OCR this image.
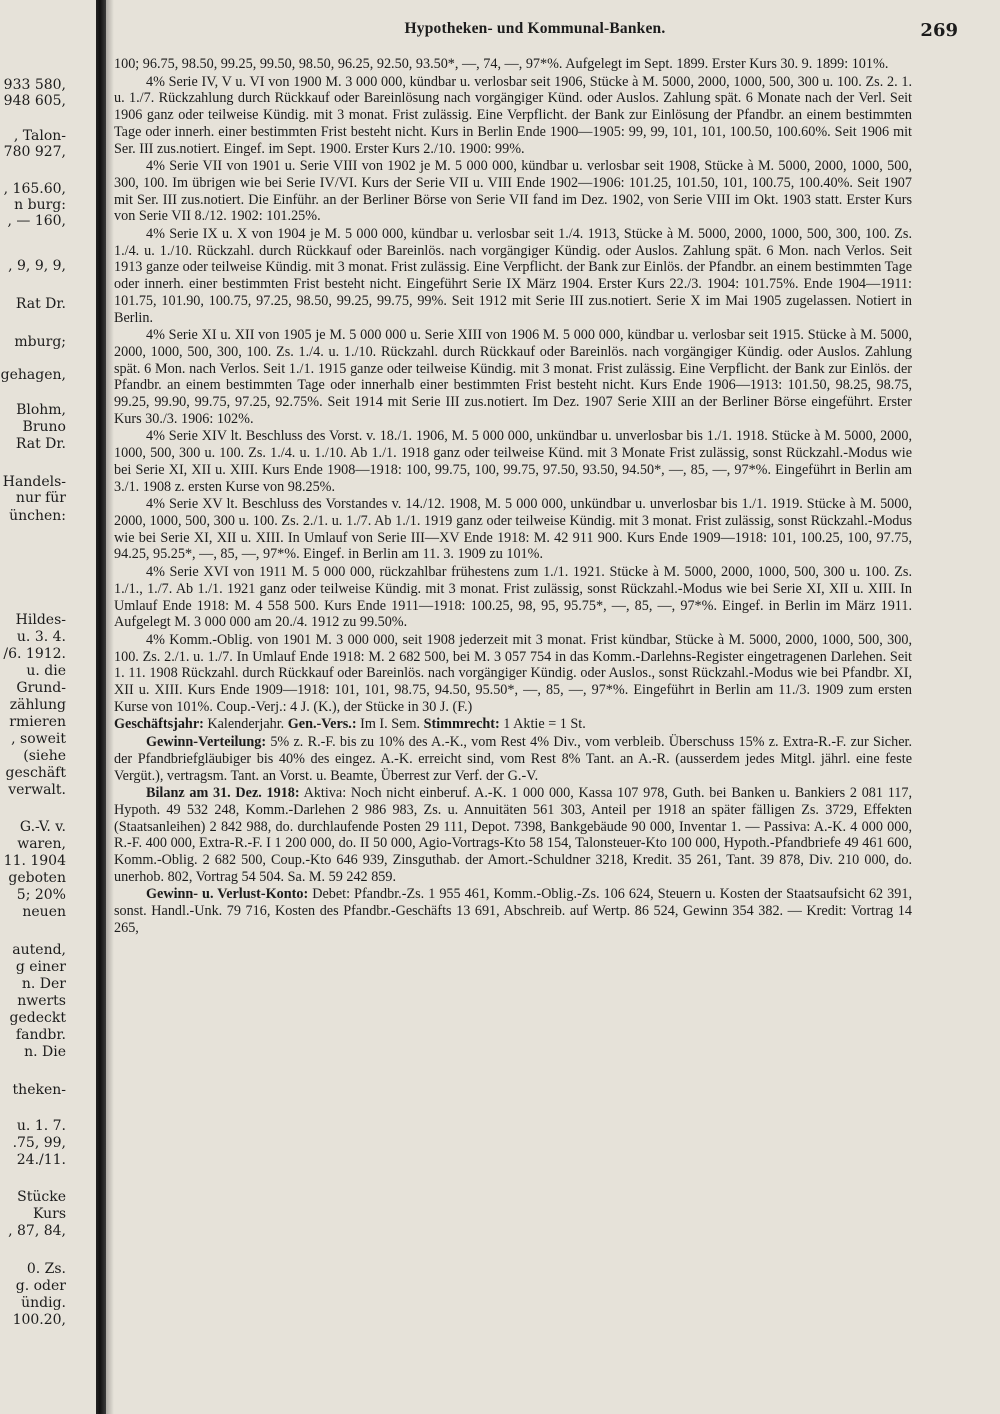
933 580,
948 605,
, Talon-
780 927,
, 165.60,
n burg:
, — 160,
, 9, 9, 9,
Rat Dr.
mburg;
gehagen,
Blohm,
Bruno
Rat Dr.
Handels-
nur für
ünchen:
Hildes-
u. 3. 4.
/6. 1912.
u. die
Grund-
zählung
rmieren
, soweit
(siehe
geschäft
verwalt.
G.-V. v.
waren,
11. 1904
geboten
5; 20%
neuen
autend,
g einer
n. Der
nwerts
gedeckt
fandbr.
n. Die
theken-
u. 1. 7.
.75, 99,
24./11.
Stücke
Kurs
, 87, 84,
0. Zs.
g. oder
ündig.
100.20,
Hypotheken- und Kommunal-Banken.	269

100; 96.75, 98.50, 99.25, 99.50, 98.50, 96.25, 92.50, 93.50*, —, 74, —, 97*%. Aufgelegt im Sept. 1899. Erster Kurs 30. 9. 1899: 101%.

4% Serie IV, V u. VI von 1900 M. 3 000 000, kündbar u. verlosbar seit 1906, Stücke à M. 5000, 2000, 1000, 500, 300 u. 100. Zs. 2. 1. u. 1./7. Rückzahlung durch Rückkauf oder Bareinlösung nach vorgängiger Künd. oder Auslos. Zahlung spät. 6 Monate nach der Verl. Seit 1906 ganz oder teilweise Kündig. mit 3 monat. Frist zulässig. Eine Verpflicht. der Bank zur Einlösung der Pfandbr. an einem bestimmten Tage oder innerh. einer bestimmten Frist besteht nicht. Kurs in Berlin Ende 1900—1905: 99, 99, 101, 101, 100.50, 100.60%. Seit 1906 mit Ser. III zus.notiert. Eingef. im Sept. 1900. Erster Kurs 2./10. 1900: 99%.

4% Serie VII von 1901 u. Serie VIII von 1902 je M. 5 000 000, kündbar u. verlosbar seit 1908, Stücke à M. 5000, 2000, 1000, 500, 300, 100. Im übrigen wie bei Serie IV/VI. Kurs der Serie VII u. VIII Ende 1902—1906: 101.25, 101.50, 101, 100.75, 100.40%. Seit 1907 mit Ser. III zus.notiert. Die Einführ. an der Berliner Börse von Serie VII fand im Dez. 1902, von Serie VIII im Okt. 1903 statt. Erster Kurs von Serie VII 8./12. 1902: 101.25%.

4% Serie IX u. X von 1904 je M. 5 000 000, kündbar u. verlosbar seit 1./4. 1913, Stücke à M. 5000, 2000, 1000, 500, 300, 100. Zs. 1./4. u. 1./10. Rückzahl. durch Rückkauf oder Bareinlös. nach vorgängiger Kündig. oder Auslos. Zahlung spät. 6 Mon. nach Verlos. Seit 1913 ganze oder teilweise Kündig. mit 3 monat. Frist zulässig. Eine Verpflicht. der Bank zur Einlös. der Pfandbr. an einem bestimmten Tage oder innerh. einer bestimmten Frist besteht nicht. Eingeführt Serie IX März 1904. Erster Kurs 22./3. 1904: 101.75%. Ende 1904—1911: 101.75, 101.90, 100.75, 97.25, 98.50, 99.25, 99.75, 99%. Seit 1912 mit Serie III zus.notiert. Serie X im Mai 1905 zugelassen. Notiert in Berlin.

4% Serie XI u. XII von 1905 je M. 5 000 000 u. Serie XIII von 1906 M. 5 000 000, kündbar u. verlosbar seit 1915. Stücke à M. 5000, 2000, 1000, 500, 300, 100. Zs. 1./4. u. 1./10. Rückzahl. durch Rückkauf oder Bareinlös. nach vorgängiger Kündig. oder Auslos. Zahlung spät. 6 Mon. nach Verlos. Seit 1./1. 1915 ganze oder teilweise Kündig. mit 3 monat. Frist zulässig. Eine Verpflicht. der Bank zur Einlös. der Pfandbr. an einem bestimmten Tage oder innerhalb einer bestimmten Frist besteht nicht. Kurs Ende 1906—1913: 101.50, 98.25, 98.75, 99.25, 99.90, 99.75, 97.25, 92.75%. Seit 1914 mit Serie III zus.notiert. Im Dez. 1907 Serie XIII an der Berliner Börse eingeführt. Erster Kurs 30./3. 1906: 102%.

4% Serie XIV lt. Beschluss des Vorst. v. 18./1. 1906, M. 5 000 000, unkündbar u. unverlosbar bis 1./1. 1918. Stücke à M. 5000, 2000, 1000, 500, 300 u. 100. Zs. 1./4. u. 1./10. Ab 1./1. 1918 ganz oder teilweise Künd. mit 3 Monate Frist zulässig, sonst Rückzahl.-Modus wie bei Serie XI, XII u. XIII. Kurs Ende 1908—1918: 100, 99.75, 100, 99.75, 97.50, 93.50, 94.50*, —, 85, —, 97*%. Eingeführt in Berlin am 3./1. 1908 z. ersten Kurse von 98.25%.

4% Serie XV lt. Beschluss des Vorstandes v. 14./12. 1908, M. 5 000 000, unkündbar u. unverlosbar bis 1./1. 1919. Stücke à M. 5000, 2000, 1000, 500, 300 u. 100. Zs. 2./1. u. 1./7. Ab 1./1. 1919 ganz oder teilweise Kündig. mit 3 monat. Frist zulässig, sonst Rückzahl.-Modus wie bei Serie XI, XII u. XIII. In Umlauf von Serie III—XV Ende 1918: M. 42 911 900. Kurs Ende 1909—1918: 101, 100.25, 100, 97.75, 94.25, 95.25*, —, 85, —, 97*%. Eingef. in Berlin am 11. 3. 1909 zu 101%.

4% Serie XVI von 1911 M. 5 000 000, rückzahlbar frühestens zum 1./1. 1921. Stücke à M. 5000, 2000, 1000, 500, 300 u. 100. Zs. 1./1., 1./7. Ab 1./1. 1921 ganz oder teilweise Kündig. mit 3 monat. Frist zulässig, sonst Rückzahl.-Modus wie bei Serie XI, XII u. XIII. In Umlauf Ende 1918: M. 4 558 500. Kurs Ende 1911—1918: 100.25, 98, 95, 95.75*, —, 85, —, 97*%. Eingef. in Berlin im März 1911. Aufgelegt M. 3 000 000 am 20./4. 1912 zu 99.50%.

4% Komm.-Oblig. von 1901 M. 3 000 000, seit 1908 jederzeit mit 3 monat. Frist kündbar, Stücke à M. 5000, 2000, 1000, 500, 300, 100. Zs. 2./1. u. 1./7. In Umlauf Ende 1918: M. 2 682 500, bei M. 3 057 754 in das Komm.-Darlehns-Register eingetragenen Darlehen. Seit 1. 11. 1908 Rückzahl. durch Rückkauf oder Bareinlös. nach vorgängiger Kündig. oder Auslos., sonst Rückzahl.-Modus wie bei Pfandbr. XI, XII u. XIII. Kurs Ende 1909—1918: 101, 101, 98.75, 94.50, 95.50*, —, 85, —, 97*%. Eingeführt in Berlin am 11./3. 1909 zum ersten Kurse von 101%. Coup.-Verj.: 4 J. (K.), der Stücke in 30 J. (F.)

Geschäftsjahr: Kalenderjahr. Gen.-Vers.: Im I. Sem. Stimmrecht: 1 Aktie = 1 St.

Gewinn-Verteilung: 5% z. R.-F. bis zu 10% des A.-K., vom Rest 4% Div., vom verbleib. Überschuss 15% z. Extra-R.-F. zur Sicher. der Pfandbriefgläubiger bis 40% des eingez. A.-K. erreicht sind, vom Rest 8% Tant. an A.-R. (ausserdem jedes Mitgl. jährl. eine feste Vergüt.), vertragsm. Tant. an Vorst. u. Beamte, Überrest zur Verf. der G.-V.

Bilanz am 31. Dez. 1918: Aktiva: Noch nicht einberuf. A.-K. 1 000 000, Kassa 107 978, Guth. bei Banken u. Bankiers 2 081 117, Hypoth. 49 532 248, Komm.-Darlehen 2 986 983, Zs. u. Annuitäten 561 303, Anteil per 1918 an später fälligen Zs. 3729, Effekten (Staatsanleihen) 2 842 988, do. durchlaufende Posten 29 111, Depot. 7398, Bankgebäude 90 000, Inventar 1. — Passiva: A.-K. 4 000 000, R.-F. 400 000, Extra-R.-F. I 1 200 000, do. II 50 000, Agio-Vortrags-Kto 58 154, Talonsteuer-Kto 100 000, Hypoth.-Pfandbriefe 49 461 600, Komm.-Oblig. 2 682 500, Coup.-Kto 646 939, Zinsguthab. der Amort.-Schuldner 3218, Kredit. 35 261, Tant. 39 878, Div. 210 000, do. unerhob. 802, Vortrag 54 504. Sa. M. 59 242 859.

Gewinn- u. Verlust-Konto: Debet: Pfandbr.-Zs. 1 955 461, Komm.-Oblig.-Zs. 106 624, Steuern u. Kosten der Staatsaufsicht 62 391, sonst. Handl.-Unk. 79 716, Kosten des Pfandbr.-Geschäfts 13 691, Abschreib. auf Wertp. 86 524, Gewinn 354 382. — Kredit: Vortrag 14 265,
